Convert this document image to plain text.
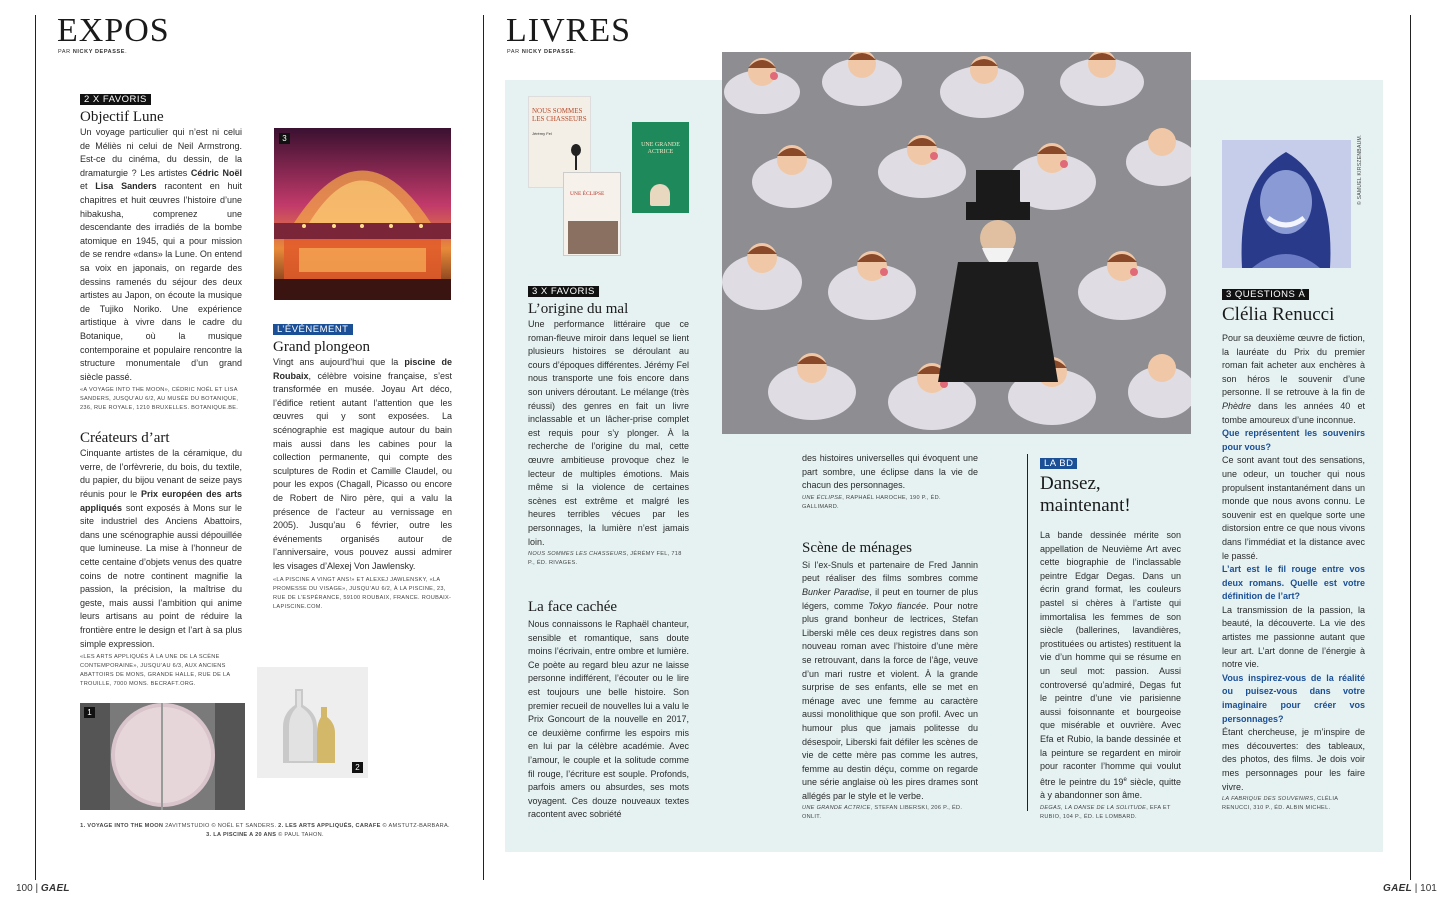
EXPOS
PAR NICKY DEPASSE.
2 X FAVORIS
Objectif Lune

Un voyage particulier qui n’est ni celui de Méliès ni celui de Neil Armstrong. Est-ce du cinéma, du dessin, de la dramaturgie ? Les artistes Cédric Noël et Lisa Sanders racontent en huit chapitres et huit œuvres l’histoire d’une hibakusha, comprenez une descendante des irradiés de la bombe atomique en 1945, qui a pour mission de se rendre «dans» la Lune. On entend sa voix en japonais, on regarde des dessins ramenés du séjour des deux artistes au Japon, on écoute la musique de Tujiko Noriko. Une expérience artistique à vivre dans le cadre du Botanique, où la musique contemporaine et populaire rencontre la structure monumentale d’un grand siècle passé.

«A VOYAGE INTO THE MOON», CÉDRIC NOËL ET LISA SANDERS, JUSQU’AU 6/2, AU MUSÉE DU BOTANIQUE, 236, RUE ROYALE, 1210 BRUXELLES. BOTANIQUE.BE.

Créateurs d’art

Cinquante artistes de la céramique, du verre, de l’orfèvrerie, du bois, du textile, du papier, du bijou venant de seize pays réunis pour le Prix européen des arts appliqués sont exposés à Mons sur le site industriel des Anciens Abattoirs, dans une scénographie aussi dépouillée que lumineuse. La mise à l’honneur de cette centaine d’objets venus des quatre coins de notre continent magnifie la passion, la précision, la maîtrise du geste, mais aussi l’ambition qui anime leurs artisans au point de réduire la frontière entre le design et l’art à sa plus simple expression.

«LES ARTS APPLIQUÉS À LA UNE DE LA SCÈNE CONTEMPORAINE», JUSQU’AU 6/3, AUX ANCIENS ABATTOIRS DE MONS, GRANDE HALLE, RUE DE LA TROUILLE, 7000 MONS. BECRAFT.ORG.

3
L’ÉVÉNEMENT
Grand plongeon

Vingt ans aujourd’hui que la piscine de Roubaix, célèbre voisine française, s’est transformée en musée. Joyau Art déco, l’édifice retient autant l’attention que les œuvres qui y sont exposées. La scénographie est magique autour du bain mais aussi dans les cabines pour la collection permanente, qui compte des sculptures de Rodin et Camille Claudel, ou pour les expos (Chagall, Picasso ou encore de Robert de Niro père, qui a valu la présence de l’acteur au vernissage en 2005). Jusqu’au 6 février, outre les événements organisés autour de l’anniversaire, vous pouvez aussi admirer les visages d’Alexej Von Jawlensky.

«LA PISCINE A VINGT ANS!» ET ALEXEJ JAWLENSKY, «LA PROMESSE DU VISAGE», JUSQU’AU 6/2, À LA PISCINE, 23, RUE DE L’ESPÉRANCE, 59100 ROUBAIX, FRANCE. ROUBAIX-LAPISCINE.COM.

1
2
1. VOYAGE INTO THE MOON 2AVITMSTUDIO © NOËL ET SANDERS. 2. LES ARTS APPLIQUÉS, CARAFE © AMSTUTZ-BARBARA.
3. LA PISCINE A 20 ANS © PAUL TAHON.
100 | GAEL
LIVRES
PAR NICKY DEPASSE.
NOUS SOMMES LES CHASSEURS
Jérémy Fel
UNE ÉCLIPSE
UNE GRANDE ACTRICE
3 X FAVORIS
L’origine du mal

Une performance littéraire que ce roman-fleuve miroir dans lequel se lient plusieurs histoires se déroulant au cours d’époques différentes. Jérémy Fel nous transporte une fois encore dans son univers déroutant. Le mélange (très réussi) des genres en fait un livre inclassable et un lâcher-prise complet est requis pour s’y plonger. À la recherche de l’origine du mal, cette œuvre ambitieuse provoque chez le lecteur de multiples émotions. Mais même si la violence de certaines scènes est extrême et malgré les heures terribles vécues par les personnages, la lumière n’est jamais loin.

NOUS SOMMES LES CHASSEURS, JÉRÉMY FEL, 718 P., ÉD. RIVAGES.

La face cachée

Nous connaissons le Raphaël chanteur, sensible et romantique, sans doute moins l’écrivain, entre ombre et lumière. Ce poète au regard bleu azur ne laisse personne indifférent, l’écouter ou le lire est toujours une belle histoire. Son premier recueil de nouvelles lui a valu le Prix Goncourt de la nouvelle en 2017, ce deuxième confirme les espoirs mis en lui par la célèbre académie. Avec l’amour, le couple et la solitude comme fil rouge, l’écriture est souple. Profonds, parfois amers ou absurdes, ses mots voyagent. Ces douze nouveaux textes racontent avec sobriété

des histoires universelles qui évoquent une part sombre, une éclipse dans la vie de chacun des personnages.

UNE ÉCLIPSE, RAPHAËL HAROCHE, 190 P., ÉD. GALLIMARD.

Scène de ménages

Si l’ex-Snuls et partenaire de Fred Jannin peut réaliser des films sombres comme Bunker Paradise, il peut en tourner de plus légers, comme Tokyo fiancée. Pour notre plus grand bonheur de lectrices, Stefan Liberski mêle ces deux registres dans son nouveau roman avec l’histoire d’une mère se retrouvant, dans la force de l’âge, veuve d’un mari rustre et violent. À la grande surprise de ses enfants, elle se met en ménage avec une femme au caractère aussi monolithique que son profil. Avec un humour plus que jamais politesse du désespoir, Liberski fait défiler les scènes de vie de cette mère pas comme les autres, femme au destin déçu, comme on regarde une série anglaise où les pires drames sont allégés par le style et le verbe.

UNE GRANDE ACTRICE, STEFAN LIBERSKI, 206 P., ÉD. ONLIT.

LA BD
Dansez, maintenant!

La bande dessinée mérite son appellation de Neuvième Art avec cette biographie de l’inclassable peintre Edgar Degas. Dans un écrin grand format, les couleurs pastel si chères à l’artiste qui immortalisa les femmes de son siècle (ballerines, lavandières, prostituées ou artistes) restituent la vie d’un homme qui se résume en un seul mot: passion. Aussi controversé qu’admiré, Degas fut le peintre d’une vie parisienne aussi foisonnante et bourgeoise que misérable et ouvrière. Avec Efa et Rubio, la bande dessinée et la peinture se regardent en miroir pour raconter l’homme qui voulut être le peintre du 19e siècle, quitte à y abandonner son âme.

DEGAS, LA DANSE DE LA SOLITUDE, EFA ET RUBIO, 104 P., ÉD. LE LOMBARD.

© SAMUEL KIRSZENBAUM.
3 QUESTIONS À
Clélia Renucci

Pour sa deuxième œuvre de fiction, la lauréate du Prix du premier roman fait acheter aux enchères à son héros le souvenir d’une personne. Il se retrouve à la fin de Phèdre dans les années 40 et tombe amoureux d’une inconnue.

Que représentent les souvenirs pour vous?

Ce sont avant tout des sensations, une odeur, un toucher qui nous propulsent instantanément dans un monde que nous avons connu. Le souvenir est en quelque sorte une distorsion entre ce que nous vivons dans l’immédiat et la distance avec le passé.

L’art est le fil rouge entre vos deux romans. Quelle est votre définition de l’art?

La transmission de la passion, la beauté, la découverte. La vie des artistes me passionne autant que leur art. L’art donne de l’énergie à notre vie.

Vous inspirez-vous de la réalité ou puisez-vous dans votre imaginaire pour créer vos personnages?

Étant chercheuse, je m’inspire de mes découvertes: des tableaux, des photos, des films. Je dois voir mes personnages pour les faire vivre.

LA FABRIQUE DES SOUVENIRS, CLÉLIA RENUCCI, 310 P., ÉD. ALBIN MICHEL.

GAEL | 101
